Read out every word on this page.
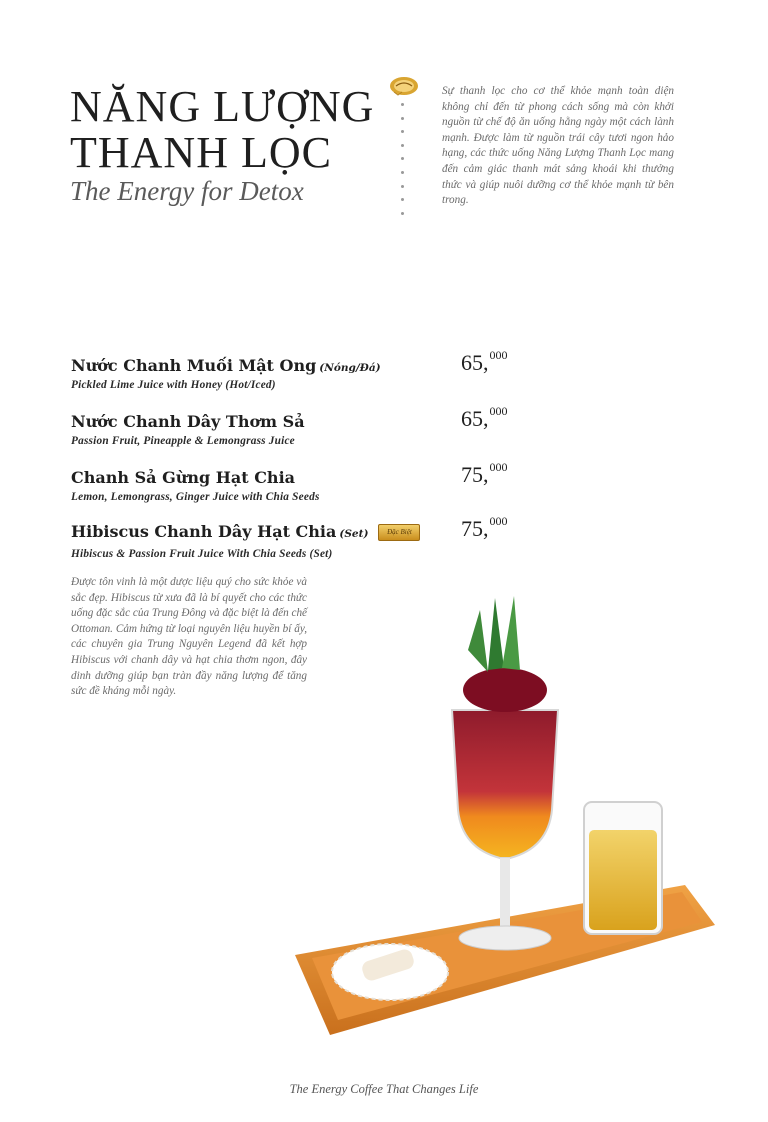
NĂNG LƯỢNG
THANH LỌC
The Energy for Detox
Sự thanh lọc cho cơ thể khỏe mạnh toàn diện không chỉ đến từ phong cách sống mà còn khởi nguồn từ chế độ ăn uống hằng ngày một cách lành mạnh. Được làm từ nguồn trái cây tươi ngon hảo hạng, các thức uống Năng Lượng Thanh Lọc mang đến cảm giác thanh mát sảng khoái khi thưởng thức và giúp nuôi dưỡng cơ thể khỏe mạnh từ bên trong.
Nước Chanh Muối Mật Ong (Nóng/Đá)
Pickled Lime Juice with Honey (Hot/Iced)
65,$^{000}$
Nước Chanh Dây Thơm Sả
Passion Fruit, Pineapple & Lemongrass Juice
65,$^{000}$
Chanh Sả Gừng Hạt Chia
Lemon, Lemongrass, Ginger Juice with Chia Seeds
75,$^{000}$
Hibiscus Chanh Dây Hạt Chia (Set)	Đặc Biệt
Hibiscus & Passion Fruit Juice With Chia Seeds (Set)
75,$^{000}$
Được tôn vinh là một dược liệu quý cho sức khỏe và sắc đẹp. Hibiscus từ xưa đã là bí quyết cho các thức uống đặc sắc của Trung Đông và đặc biệt là đến chế Ottoman. Cảm hứng từ loại nguyên liệu huyền bí ấy, các chuyên gia Trung Nguyên Legend đã kết hợp Hibiscus với chanh dây và hạt chia thơm ngon, đây dinh dưỡng giúp bạn tràn đầy năng lượng để tăng sức đề kháng mỗi ngày.
The Energy Coffee That Changes Life
